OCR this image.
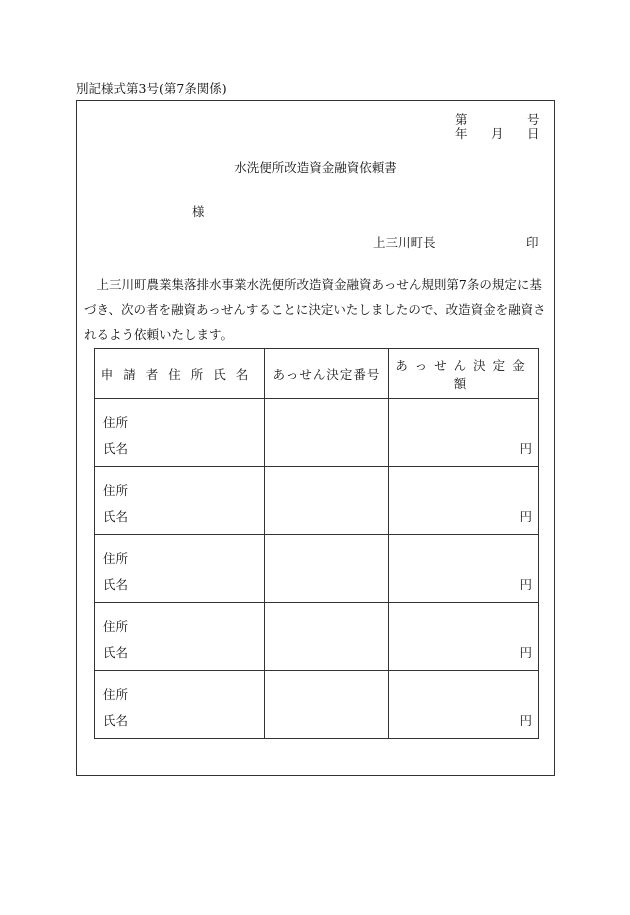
別記様式第3号(第7条関係)
第	号
年 月 日
水洗便所改造資金融資依頼書
様
上三川町長	印
上三川町農業集落排水事業水洗便所改造資金融資あっせん規則第7条の規定に基づき、次の者を融資あっせんすることに決定いたしましたので、改造資金を融資されるよう依頼いたします。
申請者住所氏名	あっせん決定番号	あっせん決定金額

住所
氏名		円

住所
氏名		円

住所
氏名		円

住所
氏名		円

住所
氏名		円
